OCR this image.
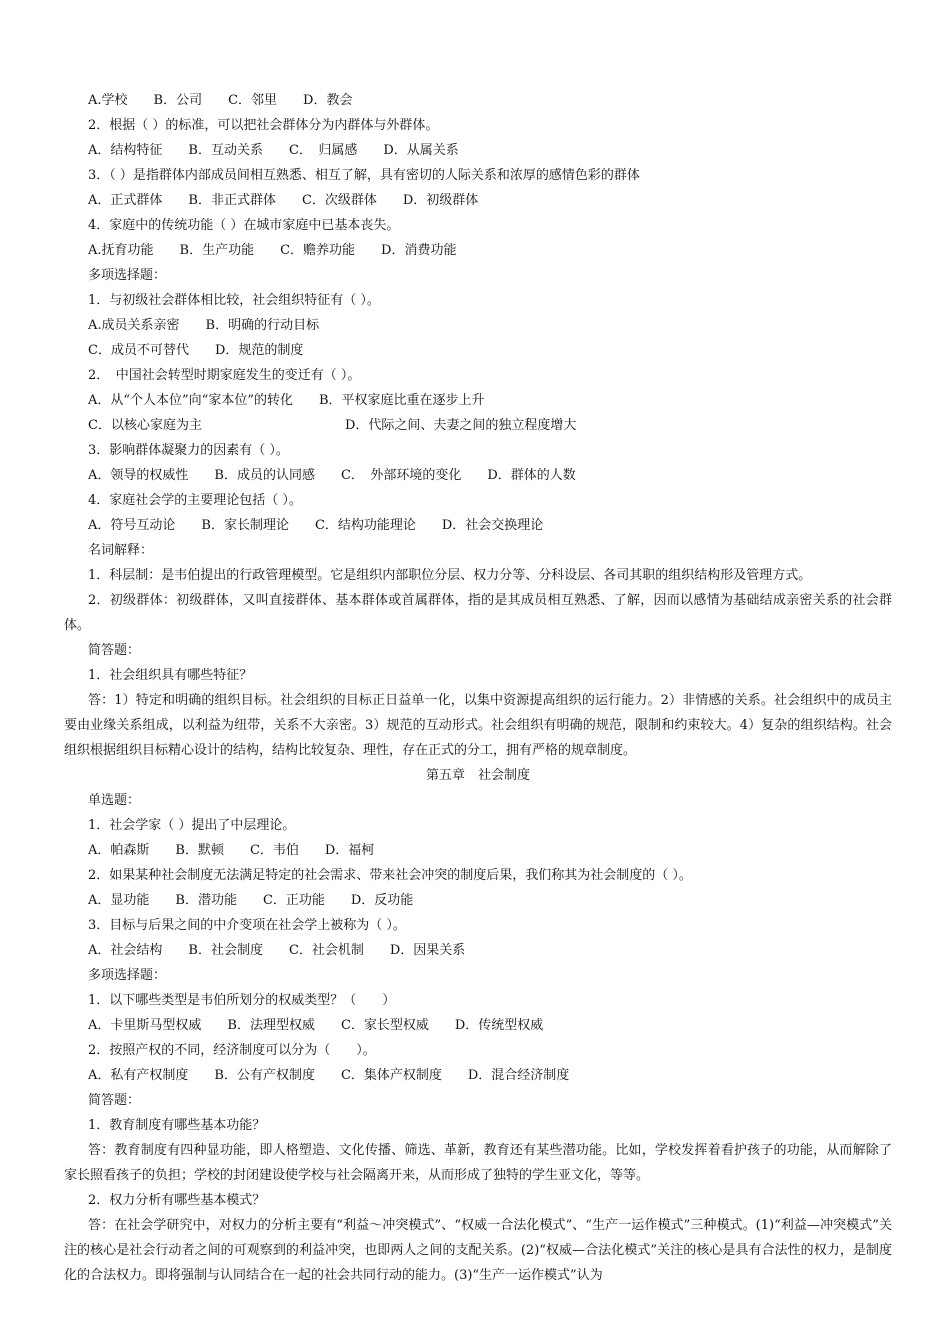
A.学校　　B．公司　　C．邻里　　D．教会
2．根据（ ）的标准，可以把社会群体分为内群体与外群体。
A．结构特征　　B．互动关系　　C．　归属感　　D．从属关系
3．（ ）是指群体内部成员间相互熟悉、相互了解，具有密切的人际关系和浓厚的感情色彩的群体
A．正式群体　　B．非正式群体　　C．次级群体　　D．初级群体
4．家庭中的传统功能（ ）在城市家庭中已基本丧失。
A.抚育功能　　B．生产功能　　C．赡养功能　　D．消费功能
多项选择题：
1．与初级社会群体相比较，社会组织特征有（ ）。
A.成员关系亲密　　B．明确的行动目标
C．成员不可替代　　D．规范的制度
2．　中国社会转型时期家庭发生的变迁有（ ）。
A．从“个人本位”向“家本位”的转化　　B．平权家庭比重在逐步上升
C．以核心家庭为主　　　　　　　　　　　D．代际之间、夫妻之间的独立程度增大
3．影响群体凝聚力的因素有（ ）。
A．领导的权威性　　B．成员的认同感　　C．　外部环境的变化　　D．群体的人数
4．家庭社会学的主要理论包括（ ）。
A．符号互动论　　B．家长制理论　　C．结构功能理论　　D．社会交换理论
名词解释：
1．科层制：是韦伯提出的行政管理模型。它是组织内部职位分层、权力分等、分科设层、各司其职的组织结构形及管理方式。
2．初级群体：初级群体，又叫直接群体、基本群体或首属群体，指的是其成员相互熟悉、了解，因而以感情为基础结成亲密关系的社会群体。
简答题：
1．社会组织具有哪些特征？
答：1）特定和明确的组织目标。社会组织的目标正日益单一化，以集中资源提高组织的运行能力。2）非情感的关系。社会组织中的成员主要由业缘关系组成，以利益为纽带，关系不大亲密。3）规范的互动形式。社会组织有明确的规范，限制和约束较大。4）复杂的组织结构。社会组织根据组织目标精心设计的结构，结构比较复杂、理性，存在正式的分工，拥有严格的规章制度。
第五章　社会制度
单选题：
1．社会学家（ ）提出了中层理论。
A．帕森斯　　B．默顿　　C．韦伯　　D．福柯
2．如果某种社会制度无法满足特定的社会需求、带来社会冲突的制度后果，我们称其为社会制度的（ ）。
A．显功能　　B．潜功能　　C．正功能　　D．反功能
3．目标与后果之间的中介变项在社会学上被称为（ ）。
A．社会结构　　B．社会制度　　C．社会机制　　D．因果关系
多项选择题：
1．以下哪些类型是韦伯所划分的权威类型？（　　）
A．卡里斯马型权威　　B．法理型权威　　C．家长型权威　　D．传统型权威
2．按照产权的不同，经济制度可以分为（　　）。
A．私有产权制度　　B．公有产权制度　　C．集体产权制度　　D．混合经济制度
简答题：
1．教育制度有哪些基本功能？
答：教育制度有四种显功能，即人格塑造、文化传播、筛选、革新，教育还有某些潜功能。比如，学校发挥着看护孩子的功能，从而解除了家长照看孩子的负担；学校的封闭建设使学校与社会隔离开来，从而形成了独特的学生亚文化，等等。
2．权力分析有哪些基本模式？
答：在社会学研究中，对权力的分析主要有“利益～冲突模式”、“权威一合法化模式”、“生产一运作模式”三种模式。(1)“利益—冲突模式”关注的核心是社会行动者之间的可观察到的利益冲突，也即两人之间的支配关系。(2)“权威—合法化模式”关注的核心是具有合法性的权力，是制度化的合法权力。即将强制与认同结合在一起的社会共同行动的能力。(3)“生产一运作模式”认为
